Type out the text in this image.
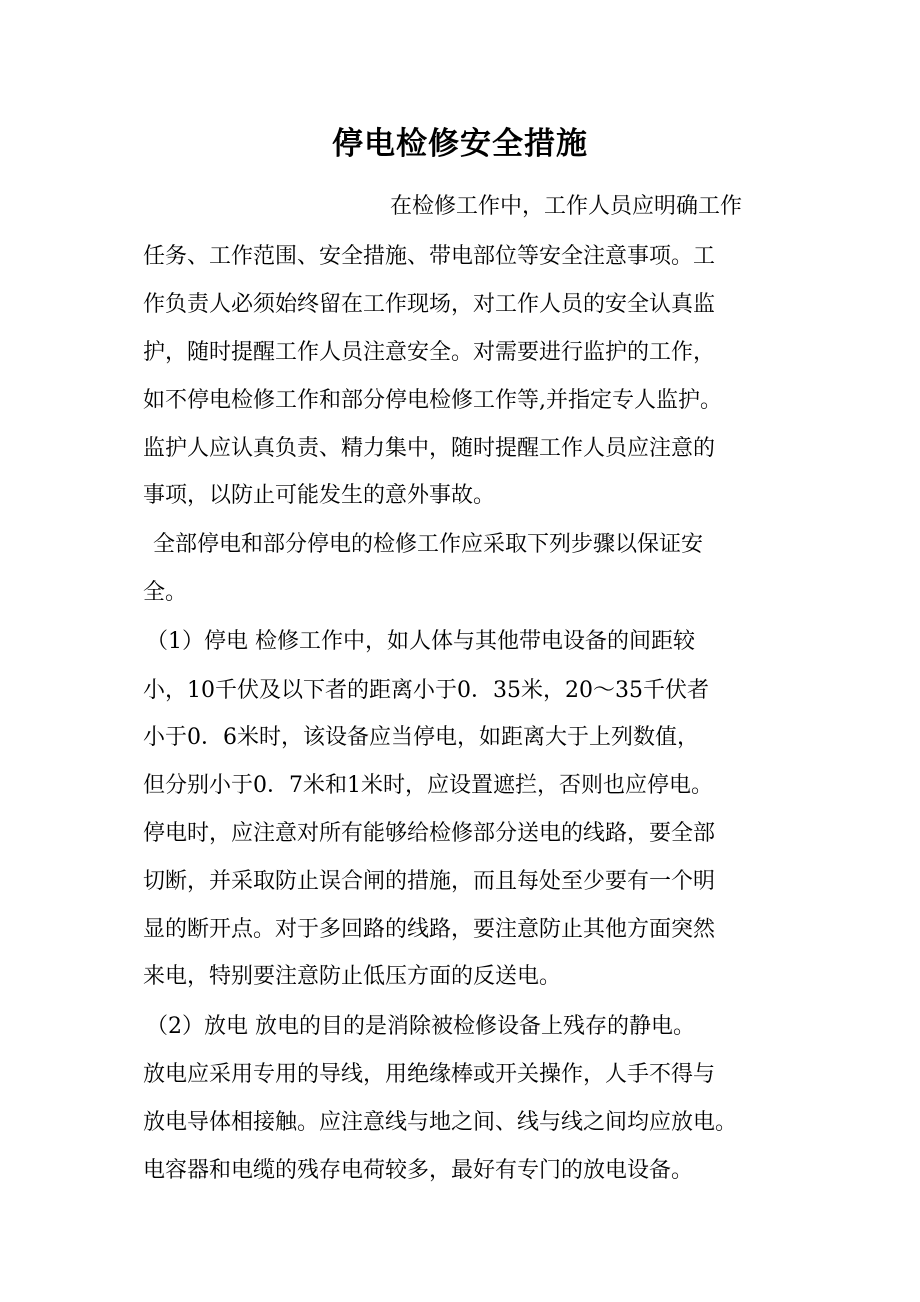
停电检修安全措施

在检修工作中，工作人员应明确工作

任务、工作范围、安全措施、带电部位等安全注意事项。工

作负责人必须始终留在工作现场，对工作人员的安全认真监

护，随时提醒工作人员注意安全。对需要进行监护的工作，

如不停电检修工作和部分停电检修工作等,并指定专人监护。

监护人应认真负责、精力集中，随时提醒工作人员应注意的

事项，以防止可能发生的意外事故。

全部停电和部分停电的检修工作应采取下列步骤以保证安

全。

（1）停电 检修工作中，如人体与其他带电设备的间距较

小，10千伏及以下者的距离小于0．35米，20～35千伏者

小于0．6米时，该设备应当停电，如距离大于上列数值，

但分别小于0．7米和1米时，应设置遮拦，否则也应停电。

停电时，应注意对所有能够给检修部分送电的线路，要全部

切断，并采取防止误合闸的措施，而且每处至少要有一个明

显的断开点。对于多回路的线路，要注意防止其他方面突然

来电，特别要注意防止低压方面的反送电。

（2）放电 放电的目的是消除被检修设备上残存的静电。

放电应采用专用的导线，用绝缘棒或开关操作，人手不得与

放电导体相接触。应注意线与地之间、线与线之间均应放电。

电容器和电缆的残存电荷较多，最好有专门的放电设备。
